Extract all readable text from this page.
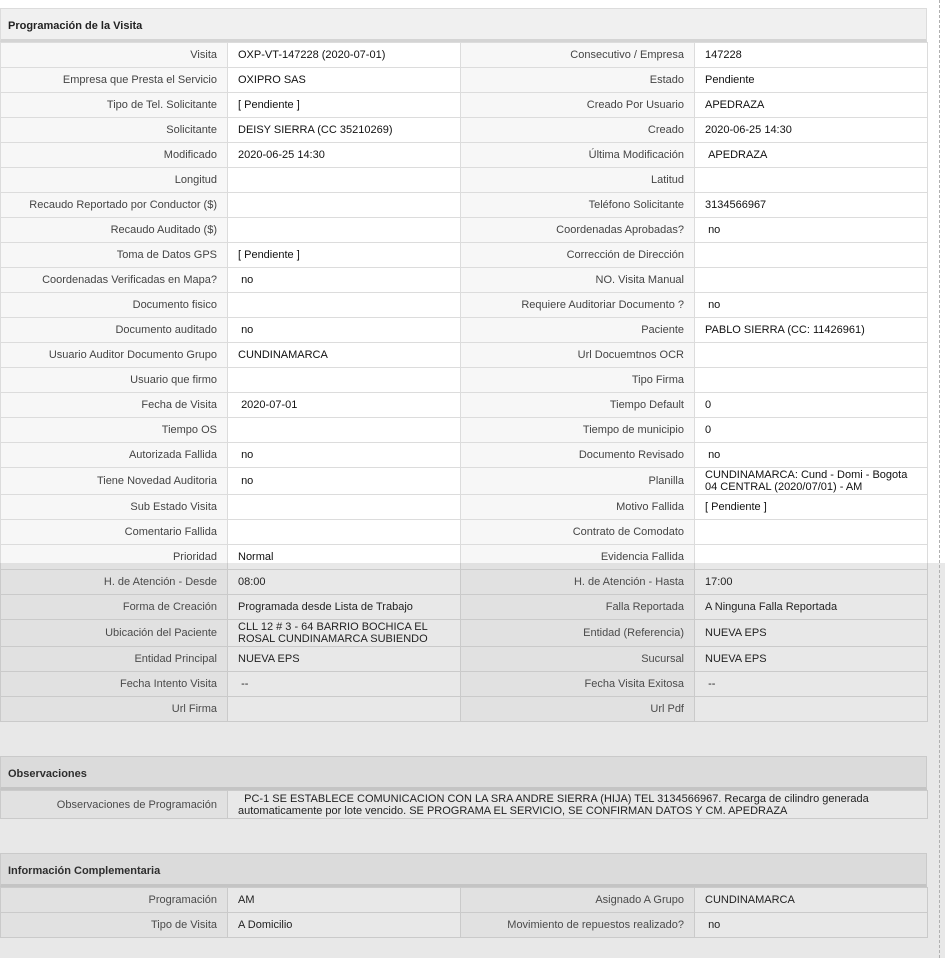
Programación de la Visita
Visita	OXP-VT-147228 (2020-07-01)	Consecutivo / Empresa	147228
Empresa que Presta el Servicio	OXIPRO SAS	Estado	Pendiente
Tipo de Tel. Solicitante	[ Pendiente ]	Creado Por Usuario	APEDRAZA
Solicitante	DEISY SIERRA (CC 35210269)	Creado	2020-06-25 14:30
Modificado	2020-06-25 14:30	Última Modificación	APEDRAZA
Longitud		Latitud	
Recaudo Reportado por Conductor ($)		Teléfono Solicitante	3134566967
Recaudo Auditado ($)		Coordenadas Aprobadas?	no
Toma de Datos GPS	[ Pendiente ]	Corrección de Dirección	
Coordenadas Verificadas en Mapa?	no	NO. Visita Manual	
Documento fisico		Requiere Auditoriar Documento ?	no
Documento auditado	no	Paciente	PABLO SIERRA (CC: 11426961)
Usuario Auditor Documento Grupo	CUNDINAMARCA	Url Docuemtnos OCR	
Usuario que firmo		Tipo Firma	
Fecha de Visita	2020-07-01	Tiempo Default	0
Tiempo OS		Tiempo de municipio	0
Autorizada Fallida	no	Documento Revisado	no
Tiene Novedad Auditoria	no	Planilla	CUNDINAMARCA: Cund - Domi - Bogota 04 CENTRAL (2020/07/01) - AM
Sub Estado Visita		Motivo Fallida	[ Pendiente ]
Comentario Fallida		Contrato de Comodato	
Prioridad	Normal	Evidencia Fallida	
H. de Atención - Desde	08:00	H. de Atención - Hasta	17:00
Forma de Creación	Programada desde Lista de Trabajo	Falla Reportada	A Ninguna Falla Reportada
Ubicación del Paciente	CLL 12 # 3 - 64 BARRIO BOCHICA EL ROSAL CUNDINAMARCA SUBIENDO	Entidad (Referencia)	NUEVA EPS
Entidad Principal	NUEVA EPS	Sucursal	NUEVA EPS
Fecha Intento Visita	--	Fecha Visita Exitosa	--
Url Firma		Url Pdf	
Observaciones
Observaciones de Programación	PC-1 SE ESTABLECE COMUNICACION CON LA SRA ANDRE SIERRA (HIJA) TEL 3134566967. Recarga de cilindro generada automaticamente por lote vencido. SE PROGRAMA EL SERVICIO, SE CONFIRMAN DATOS Y CM. APEDRAZA
Información Complementaria
Programación	AM	Asignado A Grupo	CUNDINAMARCA
Tipo de Visita	A Domicilio	Movimiento de repuestos realizado?	no
